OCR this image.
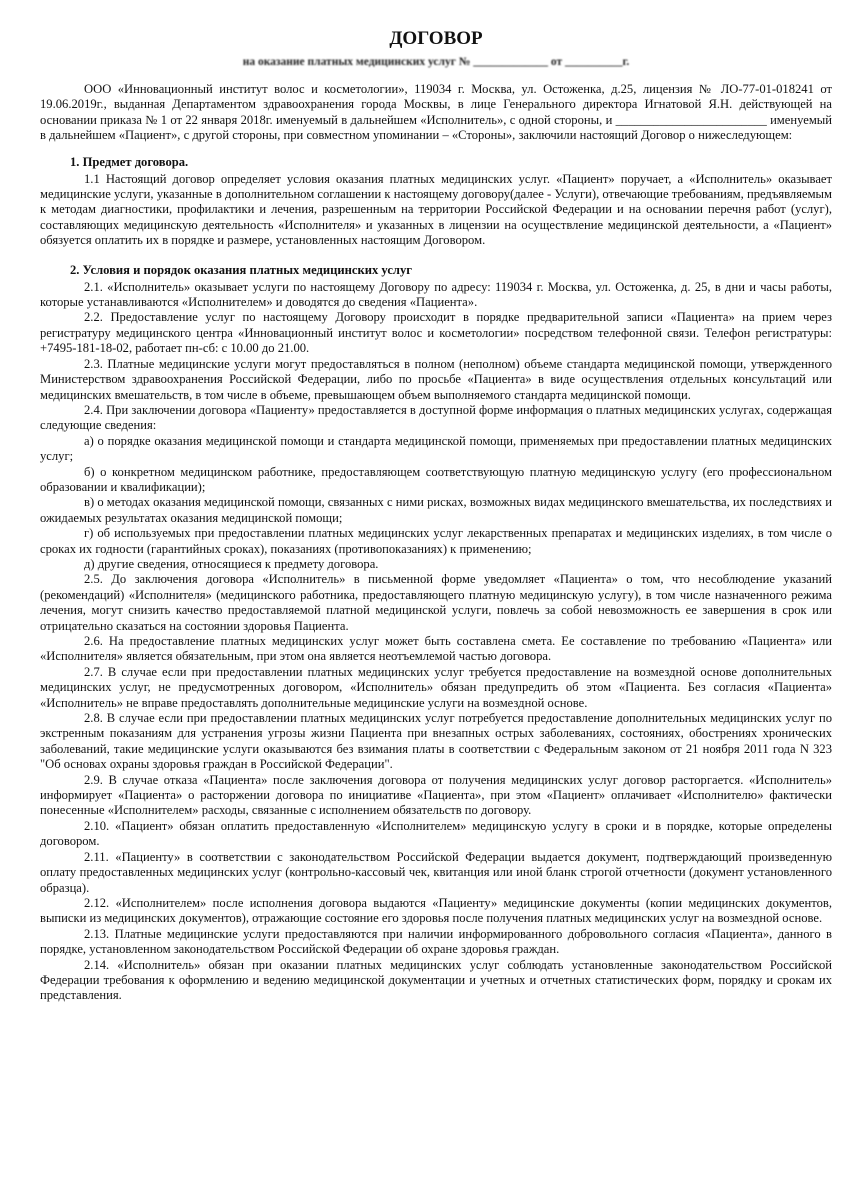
ДОГОВОР
на оказание платных медицинских услуг № _____________ от __________г.

ООО «Инновационный институт волос и косметологии», 119034 г. Москва, ул. Остоженка, д.25, лицензия № ЛО-77-01-018241 от 19.06.2019г., выданная Департаментом здравоохранения города Москвы, в лице Генерального директора Игнатовой Я.Н. действующей на основании приказа № 1 от 22 января 2018г. именуемый в дальнейшем «Исполнитель», с одной стороны, и ________________________ именуемый в дальнейшем «Пациент», с другой стороны, при совместном упоминании – «Стороны», заключили настоящий Договор о нижеследующем:

1. Предмет договора.

1.1 Настоящий договор определяет условия оказания платных медицинских услуг. «Пациент» поручает, а «Исполнитель» оказывает медицинские услуги, указанные в дополнительном соглашении к настоящему договору(далее - Услуги), отвечающие требованиям, предъявляемым к методам диагностики, профилактики и лечения, разрешенным на территории Российской Федерации и на основании перечня работ (услуг), составляющих медицинскую деятельность «Исполнителя» и указанных в лицензии на осуществление медицинской деятельности, а «Пациент» обязуется оплатить их в порядке и размере, установленных настоящим Договором.

2. Условия и порядок оказания платных медицинских услуг

2.1. «Исполнитель» оказывает услуги по настоящему Договору по адресу: 119034 г. Москва, ул. Остоженка, д. 25, в дни и часы работы, которые устанавливаются «Исполнителем» и доводятся до сведения «Пациента».

2.2. Предоставление услуг по настоящему Договору происходит в порядке предварительной записи «Пациента» на прием через регистратуру медицинского центра «Инновационный институт волос и косметологии» посредством телефонной связи. Телефон регистратуры: +7495-181-18-02, работает пн-сб: с 10.00 до 21.00.

2.3. Платные медицинские услуги могут предоставляться в полном (неполном) объеме стандарта медицинской помощи, утвержденного Министерством здравоохранения Российской Федерации, либо по просьбе «Пациента» в виде осуществления отдельных консультаций или медицинских вмешательств, в том числе в объеме, превышающем объем выполняемого стандарта медицинской помощи.

2.4. При заключении договора «Пациенту» предоставляется в доступной форме информация о платных медицинских услугах, содержащая следующие сведения:

а) о порядке оказания медицинской помощи и стандарта медицинской помощи, применяемых при предоставлении платных медицинских услуг;

б) о конкретном медицинском работнике, предоставляющем соответствующую платную медицинскую услугу (его профессиональном образовании и квалификации);

в) о методах оказания медицинской помощи, связанных с ними рисках, возможных видах медицинского вмешательства, их последствиях и ожидаемых результатах оказания медицинской помощи;

г) об используемых при предоставлении платных медицинских услуг лекарственных препаратах и медицинских изделиях, в том числе о сроках их годности (гарантийных сроках), показаниях (противопоказаниях) к применению;

д) другие сведения, относящиеся к предмету договора.

2.5. До заключения договора «Исполнитель» в письменной форме уведомляет «Пациента» о том, что несоблюдение указаний (рекомендаций) «Исполнителя» (медицинского работника, предоставляющего платную медицинскую услугу), в том числе назначенного режима лечения, могут снизить качество предоставляемой платной медицинской услуги, повлечь за собой невозможность ее завершения в срок или отрицательно сказаться на состоянии здоровья Пациента.

2.6. На предоставление платных медицинских услуг может быть составлена смета. Ее составление по требованию «Пациента» или «Исполнителя» является обязательным, при этом она является неотъемлемой частью договора.

2.7. В случае если при предоставлении платных медицинских услуг требуется предоставление на возмездной основе дополнительных медицинских услуг, не предусмотренных договором, «Исполнитель» обязан предупредить об этом «Пациента. Без согласия «Пациента» «Исполнитель» не вправе предоставлять дополнительные медицинские услуги на возмездной основе.

2.8. В случае если при предоставлении платных медицинских услуг потребуется предоставление дополнительных медицинских услуг по экстренным показаниям для устранения угрозы жизни Пациента при внезапных острых заболеваниях, состояниях, обострениях хронических заболеваний, такие медицинские услуги оказываются без взимания платы в соответствии с Федеральным законом от 21 ноября 2011 года N 323 "Об основах охраны здоровья граждан в Российской Федерации".

2.9. В случае отказа «Пациента» после заключения договора от получения медицинских услуг договор расторгается. «Исполнитель» информирует «Пациента» о расторжении договора по инициативе «Пациента», при этом «Пациент» оплачивает «Исполнителю» фактически понесенные «Исполнителем» расходы, связанные с исполнением обязательств по договору.

2.10. «Пациент» обязан оплатить предоставленную «Исполнителем» медицинскую услугу в сроки и в порядке, которые определены договором.

2.11. «Пациенту» в соответствии с законодательством Российской Федерации выдается документ, подтверждающий произведенную оплату предоставленных медицинских услуг (контрольно-кассовый чек, квитанция или иной бланк строгой отчетности (документ установленного образца).

2.12. «Исполнителем» после исполнения договора выдаются «Пациенту» медицинские документы (копии медицинских документов, выписки из медицинских документов), отражающие состояние его здоровья после получения платных медицинских услуг на возмездной основе.

2.13. Платные медицинские услуги предоставляются при наличии информированного добровольного согласия «Пациента», данного в порядке, установленном законодательством Российской Федерации об охране здоровья граждан.

2.14. «Исполнитель» обязан при оказании платных медицинских услуг соблюдать установленные законодательством Российской Федерации требования к оформлению и ведению медицинской документации и учетных и отчетных статистических форм, порядку и срокам их представления.
